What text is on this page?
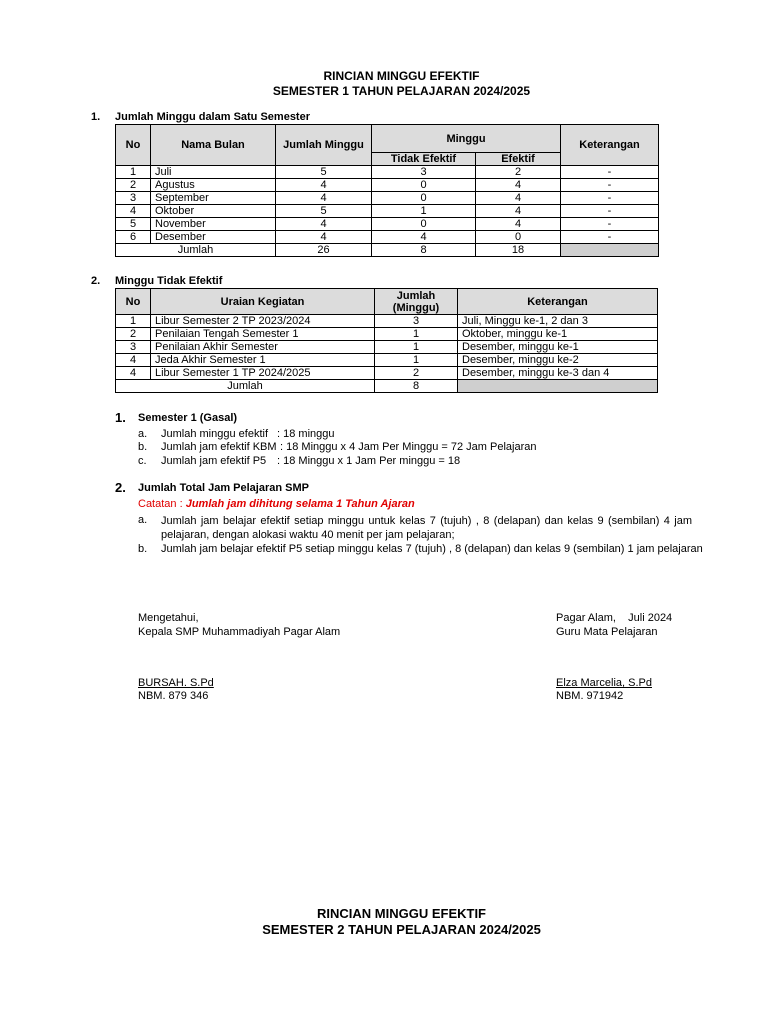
RINCIAN MINGGU EFEKTIF
SEMESTER 1 TAHUN PELAJARAN 2024/2025
1. Jumlah Minggu dalam Satu Semester
No	Nama Bulan	Jumlah Minggu	Minggu		Keterangan
			Tidak Efektif	Efektif	
1	Juli	5	3	2	-
2	Agustus	4	0	4	-
3	September	4	0	4	-
4	Oktober	5	1	4	-
5	November	4	0	4	-
6	Desember	4	4	0	-
Jumlah		26	8	18	
2. Minggu Tidak Efektif
No	Uraian Kegiatan	Jumlah
(Minggu)	Keterangan
1	Libur Semester 2 TP 2023/2024	3	Juli, Minggu ke-1, 2 dan 3
2	Penilaian Tengah Semester 1	1	Oktober, minggu ke-1
3	Penilaian Akhir Semester	1	Desember, minggu ke-1
4	Jeda Akhir Semester 1	1	Desember, minggu ke-2
4	Libur Semester 1 TP 2024/2025	2	Desember, minggu ke-3 dan 4
Jumlah		8	
1. Semester 1 (Gasal)
a. Jumlah minggu efektif : 18 minggu
b. Jumlah jam efektif KBM : 18 Minggu x 4 Jam Per Minggu = 72 Jam Pelajaran
c. Jumlah jam efektif P5 : 18 Minggu x 1 Jam Per minggu = 18
2. Jumlah Total Jam Pelajaran SMP
Catatan : Jumlah jam dihitung selama 1 Tahun Ajaran
a. Jumlah jam belajar efektif setiap minggu untuk kelas 7 (tujuh) , 8 (delapan) dan kelas 9 (sembilan) 4 jam pelajaran, dengan alokasi waktu 40 menit per jam pelajaran;
b. Jumlah jam belajar efektif P5 setiap minggu kelas 7 (tujuh) , 8 (delapan) dan kelas 9 (sembilan) 1 jam pelajaran
Mengetahui,
Kepala SMP Muhammadiyah Pagar Alam
BURSAH. S.Pd
NBM. 879 346
Pagar Alam,    Juli 2024
Guru Mata Pelajaran
Elza Marcelia, S.Pd
NBM. 971942
RINCIAN MINGGU EFEKTIF
SEMESTER 2 TAHUN PELAJARAN 2024/2025
